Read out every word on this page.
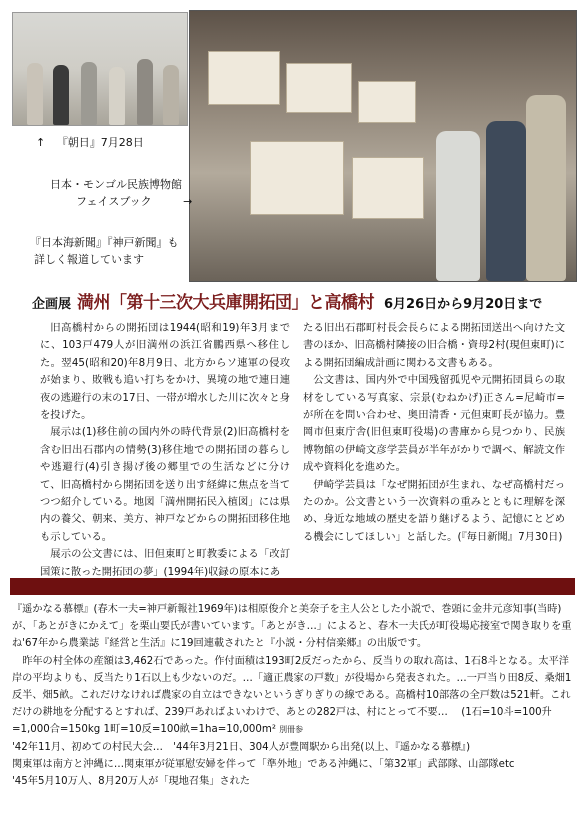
↑ 『朝日』7月28日
日本・モンゴル民族博物館
フェイスブック	→
『日本海新聞』『神戸新聞』も
詳しく報道しています
企画展 満州「第十三次大兵庫開拓団」と高橋村 6月26日から9月20日まで

旧高橋村からの開拓団は1944(昭和19)年3月までに、103戸479人が旧満州の浜江省鵬西県へ移住した。翌45(昭和20)年8月9日、北方からソ連軍の侵攻が始まり、敗戦も追い打ちをかけ、異境の地で連日連夜の逃避行の末の17日、一帯が増水した川に次々と身を投げた。

展示は(1)移住前の国内外の時代背景(2)旧高橋村を含む旧出石郡内の情勢(3)移住地での開拓団の暮らしや逃避行(4)引き揚げ後の郷里での生活などに分けて、旧高橋村から開拓団を送り出す経緯に焦点を当てつつ紹介している。地図「満州開拓民入植図」には県内の養父、朝来、美方、神戸などからの開拓団移住地も示している。

展示の公文書には、旧但東町と町教委による「改訂国策に散った開拓団の夢」(1994年)収録の原本にあ

たる旧出石郡町村長会長らによる開拓団送出へ向けた文書のほか、旧高橋村隣接の旧合橋・資母2村(現但東町)による開拓団編成計画に関わる文書もある。

公文書は、国内外で中国残留孤児や元開拓団員らの取材をしている写真家、宗景(むねかげ)正さん=尼崎市=が所在を問い合わせ、奥田清香・元但東町長が協力。豊岡市但東庁舎(旧但東町役場)の書庫から見つかり、民族博物館の伊崎文彦学芸員が半年がかりで調べ、解読文作成や資料化を進めた。

伊崎学芸員は「なぜ開拓団が生まれ、なぜ高橋村だったのか。公文書という一次資料の重みとともに理解を深め、身近な地域の歴史を語り継げるよう、記憶にとどめる機会にしてほしい」と話した。(『毎日新聞』7月30日)

『遥かなる慕標』(春木一夫=神戸新報社1969年)は相原俊介と美奈子を主人公とした小説で、巻頭に金井元彦知事(当時)が、「あとがきにかえて」を栗山要氏が書いています。「あとがき…」によると、春木一夫氏が町役場応接室で関き取りを重ね'67年から農業誌『経営と生活』に19回連載されたと『小説・分村信楽郷』の出版です。

昨年の村全体の産額は3,462石であった。作付面積は193町2反だったから、反当りの取れ高は、1石8斗となる。太平洋岸の平均よりも、反当たり1石以上も少ないのだ。…「適正農家の戸数」が役場から発表された。…一戸当り田8反、桑畑1反半、畑5畝。これだけなければ農家の自立はできないというぎりぎりの線である。高橋村10部落の全戸数は521軒。これだけの耕地を分配するとすれば、239戸あればよいわけで、あとの282戸は、村にとって不要…　 (1石=10斗=100升=1,000合=150kg 1町=10反=100畝=1ha=10,000m² 別冊参

'42年11月、初めての村民大会…　'44年3月21日、304人が豊岡駅から出発(以上、『遥かなる慕標』)

関東軍は南方と沖縄に…関東軍が従軍慰安婦を伴って「準外地」である沖縄に、「第32軍」武部隊、山部隊etc

'45年5月10万人、8月20万人が「現地召集」された
